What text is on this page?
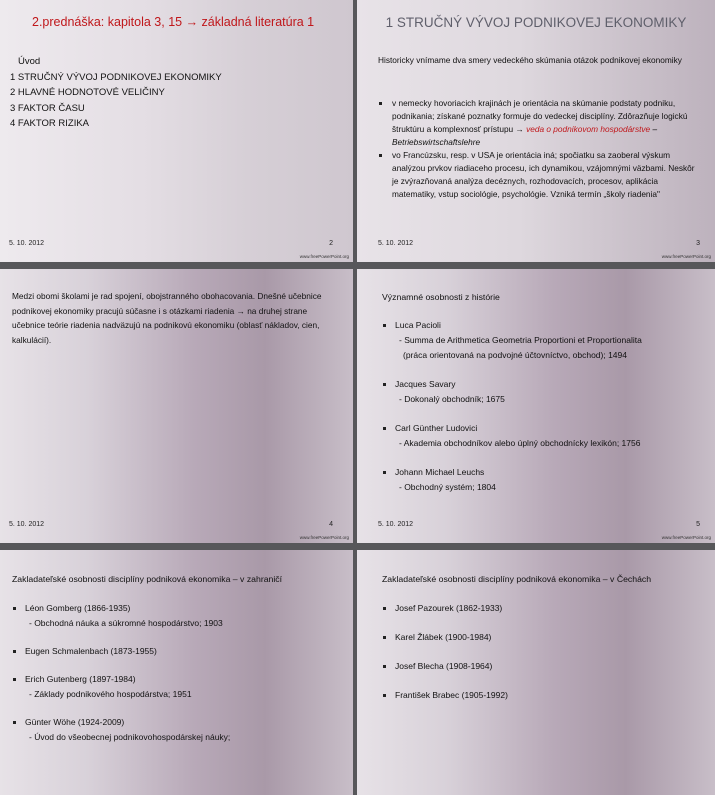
2.prednáška: kapitola 3, 15 → základná literatúra 1
Úvod
1 STRUČNÝ VÝVOJ PODNIKOVEJ EKONOMIKY
2 HLAVNÉ HODNOTOVÉ VELIČINY
3 FAKTOR ČASU
4 FAKTOR RIZIKA
5. 10. 2012	2
www.freePowerPoint.org
1 STRUČNÝ VÝVOJ PODNIKOVEJ EKONOMIKY
Historicky vnímame dva smery vedeckého skúmania otázok podnikovej ekonomiky
v nemecky hovoriacich krajinách je orientácia na skúmanie podstaty podniku, podnikania; získané poznatky formuje do vedeckej disciplíny. Zdôrazňuje logickú štruktúru a komplexnosť prístupu → veda o podnikovom hospodárstve – Betriebswirtschaftslehre
vo Francúzsku, resp. v USA je orientácia iná; spočiatku sa zaoberal výskum analýzou prvkov riadiaceho procesu, ich dynamikou, vzájomnými väzbami. Neskôr je zvýrazňovaná analýza decéznych, rozhodovacích, procesov, aplikácia matematiky, vstup sociológie, psychológie. Vzniká termín „školy riadenia"
5. 10. 2012	3
www.freePowerPoint.org
Medzi obomi školami je rad spojení, obojstranného obohacovania. Dnešné učebnice podnikovej ekonomiky pracujú súčasne i s otázkami riadenia → na druhej strane učebnice teórie riadenia nadväzujú na podnikovú ekonomiku (oblasť nákladov, cien, kalkulácií).
5. 10. 2012	4
www.freePowerPoint.org
Významné osobnosti z histórie
Luca Pacioli
- Summa de Arithmetica Geometria Proportioni et Proportionalita
(práca orientovaná na podvojné účtovníctvo, obchod); 1494
Jacques Savary
- Dokonalý obchodník; 1675
Carl Günther Ludovici
- Akademia obchodníkov alebo úplný obchodnícky lexikón; 1756
Johann Michael Leuchs
- Obchodný systém; 1804
5. 10. 2012	5
www.freePowerPoint.org
Zakladateľské osobnosti disciplíny podniková ekonomika – v zahraničí
Léon Gomberg (1866-1935)
- Obchodná náuka a súkromné hospodárstvo; 1903
Eugen Schmalenbach (1873-1955)
Erich Gutenberg (1897-1984)
- Základy podnikového hospodárstva; 1951
Günter Wöhe (1924-2009)
- Úvod do všeobecnej podnikovohospodárskej náuky;
Zakladateľské osobnosti disciplíny podniková ekonomika – v Čechách
Josef Pazourek (1862-1933)
Karel Žlábek (1900-1984)
Josef Blecha (1908-1964)
František Brabec (1905-1992)
